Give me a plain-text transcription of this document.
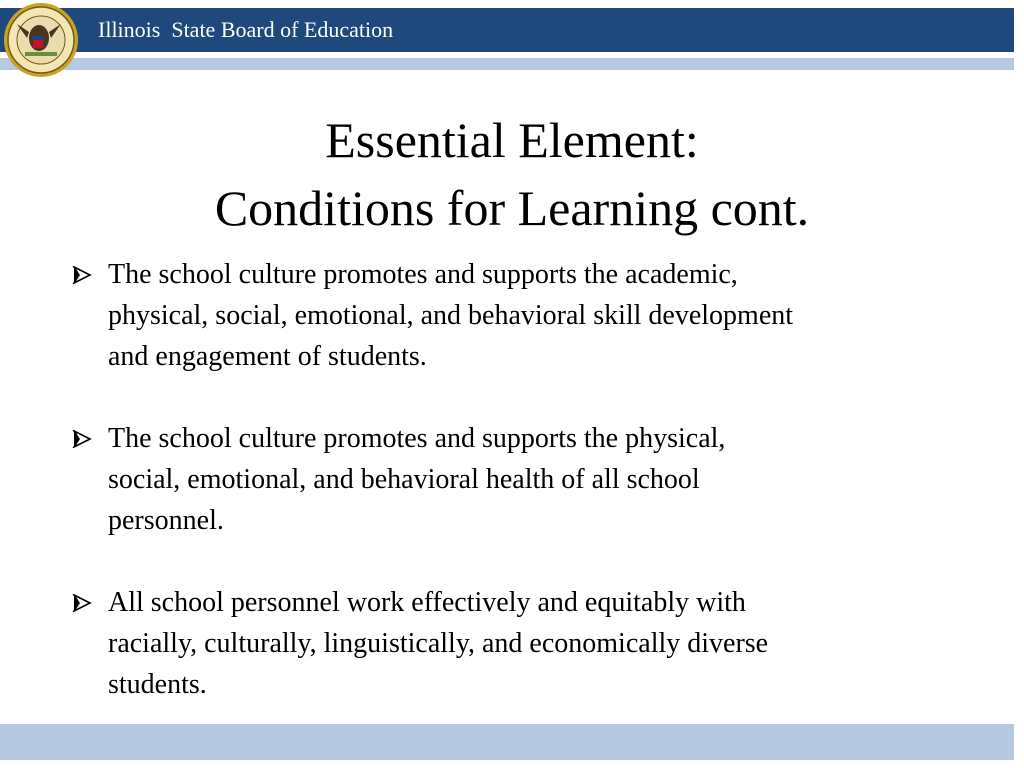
Illinois  State Board of Education
Essential Element:
Conditions for Learning cont.
The school culture promotes and supports the academic,
physical, social, emotional, and behavioral skill development
and engagement of students.
The school culture promotes and supports the physical,
social, emotional, and behavioral health of all school
personnel.
All school personnel work effectively and equitably with
racially, culturally, linguistically, and economically diverse
students.
